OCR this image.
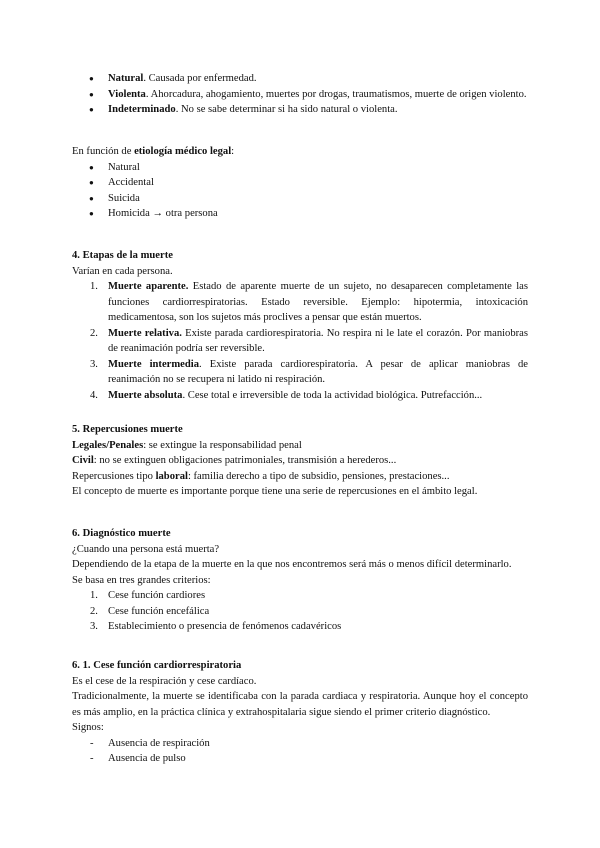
● Natural. Causada por enfermedad.
● Violenta. Ahorcadura, ahogamiento, muertes por drogas, traumatismos, muerte de origen violento.
● Indeterminado. No se sabe determinar si ha sido natural o violenta.

En función de etiología médico legal:

● Natural
● Accidental
● Suicida
● Homicida → otra persona
4. Etapas de la muerte

Varían en cada persona.

1. Muerte aparente. Estado de aparente muerte de un sujeto, no desaparecen completamente las funciones cardiorrespiratorias. Estado reversible. Ejemplo: hipotermia, intoxicación medicamentosa, son los sujetos más proclives a pensar que están muertos.
2. Muerte relativa. Existe parada cardiorespiratoria. No respira ni le late el corazón. Por maniobras de reanimación podría ser reversible.
3. Muerte intermedia. Existe parada cardiorespiratoria. A pesar de aplicar maniobras de reanimación no se recupera ni latido ni respiración.
4. Muerte absoluta. Cese total e irreversible de toda la actividad biológica. Putrefacción...
5. Repercusiones muerte

Legales/Penales: se extingue la responsabilidad penal

Civil: no se extinguen obligaciones patrimoniales, transmisión a herederos...

Repercusiones tipo laboral: familia derecho a tipo de subsidio, pensiones, prestaciones...

El concepto de muerte es importante porque tiene una serie de repercusiones en el ámbito legal.

6. Diagnóstico muerte

¿Cuando una persona está muerta?

Dependiendo de la etapa de la muerte en la que nos encontremos será más o menos difícil determinarlo.

Se basa en tres grandes criterios:

1. Cese función cardiores
2. Cese función encefálica
3. Establecimiento o presencia de fenómenos cadavéricos
6. 1. Cese función cardiorrespiratoria

Es el cese de la respiración y cese cardíaco.

Tradicionalmente, la muerte se identificaba con la parada cardiaca y respiratoria. Aunque hoy el concepto es más amplio, en la práctica clínica y extrahospitalaria sigue siendo el primer criterio diagnóstico.

Signos:

- Ausencia de respiración
- Ausencia de pulso
